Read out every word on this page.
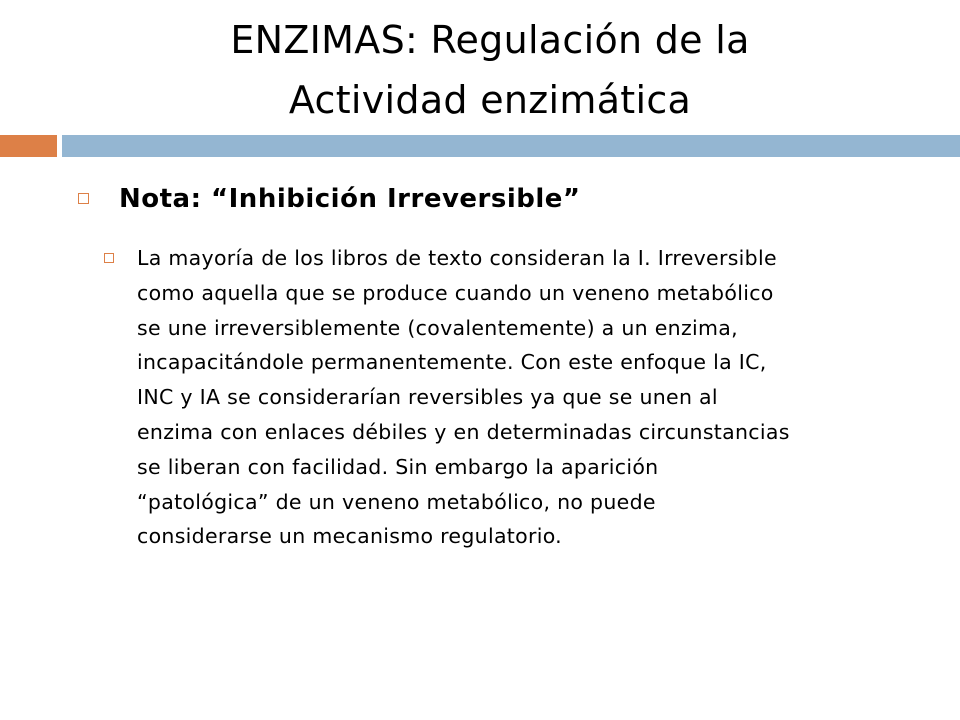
ENZIMAS: Regulación de la
Actividad enzimática
Nota: “Inhibición Irreversible”

La mayoría de los libros de texto consideran la I. Irreversible
como aquella que se produce cuando un veneno metabólico
se une irreversiblemente (covalentemente) a un enzima,
incapacitándole permanentemente. Con este enfoque la IC,
INC y IA se considerarían reversibles ya que se unen al
enzima con enlaces débiles y en determinadas circunstancias
se liberan con facilidad. Sin embargo la aparición
“patológica” de un veneno metabólico, no puede
considerarse un mecanismo regulatorio.
